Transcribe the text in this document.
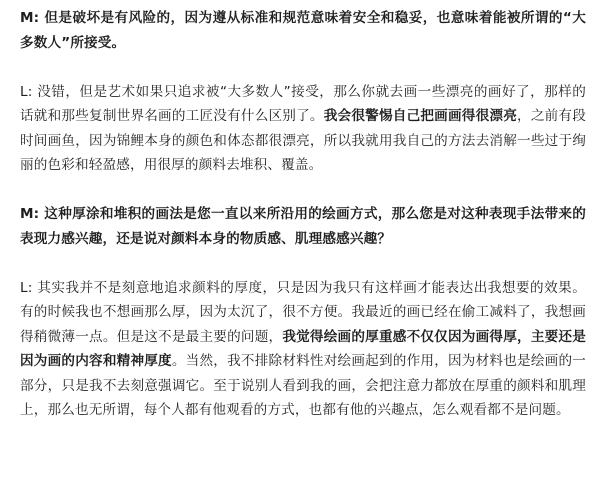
M: 但是破坏是有风险的，因为遵从标准和规范意味着安全和稳妥，也意味着能被所谓的“大多数人”所接受。

L: 没错，但是艺术如果只追求被“大多数人”接受，那么你就去画一些漂亮的画好了，那样的话就和那些复制世界名画的工匠没有什么区别了。我会很警惕自己把画画得很漂亮，之前有段时间画鱼，因为锦鲤本身的颜色和体态都很漂亮，所以我就用我自己的方法去消解一些过于绚丽的色彩和轻盈感，用很厚的颜料去堆积、覆盖。

M: 这种厚涂和堆积的画法是您一直以来所沿用的绘画方式，那么您是对这种表现手法带来的表现力感兴趣，还是说对颜料本身的物质感、肌理感感兴趣？

L: 其实我并不是刻意地追求颜料的厚度，只是因为我只有这样画才能表达出我想要的效果。有的时候我也不想画那么厚，因为太沉了，很不方便。我最近的画已经在偷工减料了，我想画得稍微薄一点。但是这不是最主要的问题，我觉得绘画的厚重感不仅仅因为画得厚，主要还是因为画的内容和精神厚度。当然，我不排除材料性对绘画起到的作用，因为材料也是绘画的一部分，只是我不去刻意强调它。至于说别人看到我的画，会把注意力都放在厚重的颜料和肌理上，那么也无所谓，每个人都有他观看的方式，也都有他的兴趣点，怎么观看都不是问题。
